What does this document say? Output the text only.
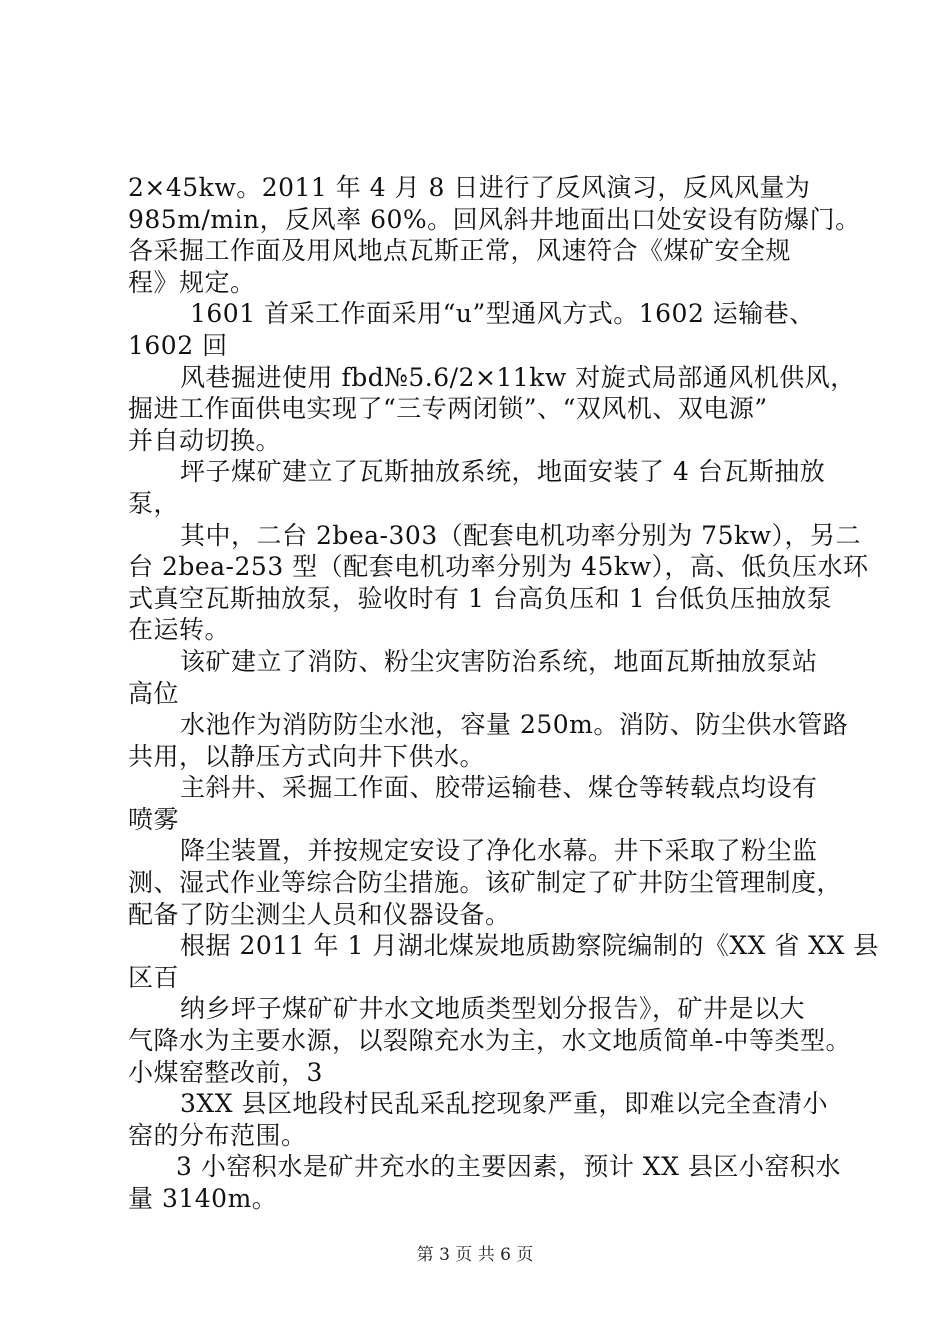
2×45kw。2011 年 4 月 8 日进行了反风演习，反风风量为
985m/min，反风率 60%。回风斜井地面出口处安设有防爆门。
各采掘工作面及用风地点瓦斯正常，风速符合《煤矿安全规
程》规定。
1601 首采工作面采用“u”型通风方式。1602 运输巷、
1602 回
风巷掘进使用 fbd№5.6/2×11kw 对旋式局部通风机供风，
掘进工作面供电实现了“三专两闭锁”、“双风机、双电源”
并自动切换。
坪子煤矿建立了瓦斯抽放系统，地面安装了 4 台瓦斯抽放
泵，
其中，二台 2bea-303（配套电机功率分别为 75kw），另二
台 2bea-253 型（配套电机功率分别为 45kw），高、低负压水环
式真空瓦斯抽放泵，验收时有 1 台高负压和 1 台低负压抽放泵
在运转。
该矿建立了消防、粉尘灾害防治系统，地面瓦斯抽放泵站
高位
水池作为消防防尘水池，容量 250m。消防、防尘供水管路
共用，以静压方式向井下供水。
主斜井、采掘工作面、胶带运输巷、煤仓等转载点均设有
喷雾
降尘装置，并按规定安设了净化水幕。井下采取了粉尘监
测、湿式作业等综合防尘措施。该矿制定了矿井防尘管理制度，
配备了防尘测尘人员和仪器设备。
根据 2011 年 1 月湖北煤炭地质勘察院编制的《XX 省 XX 县
区百
纳乡坪子煤矿矿井水文地质类型划分报告》，矿井是以大
气降水为主要水源，以裂隙充水为主，水文地质简单-中等类型。
小煤窑整改前，3
3XX 县区地段村民乱采乱挖现象严重，即难以完全查清小
窑的分布范围。
3 小窑积水是矿井充水的主要因素，预计 XX 县区小窑积水
量 3140m。
第 3 页 共 6 页
